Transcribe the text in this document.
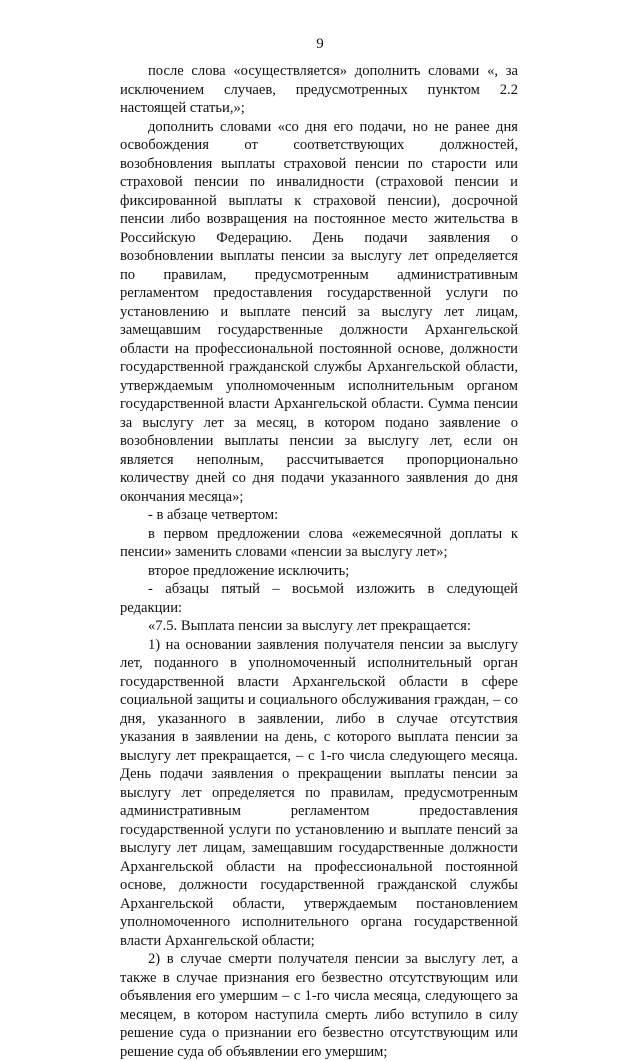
9

после слова «осуществляется» дополнить словами «, за исключением случаев, предусмотренных пунктом 2.2 настоящей статьи,»;

дополнить словами «со дня его подачи, но не ранее дня освобождения от соответствующих должностей, возобновления выплаты страховой пенсии по старости или страховой пенсии по инвалидности (страховой пенсии и фиксированной выплаты к страховой пенсии), досрочной пенсии либо возвращения на постоянное место жительства в Российскую Федерацию. День подачи заявления о возобновлении выплаты пенсии за выслугу лет определяется по правилам, предусмотренным административным регламентом предоставления государственной услуги по установлению и выплате пенсий за выслугу лет лицам, замещавшим государственные должности Архангельской области на профессиональной постоянной основе, должности государственной гражданской службы Архангельской области, утверждаемым уполномоченным исполнительным органом государственной власти Архангельской области. Сумма пенсии за выслугу лет за месяц, в котором подано заявление о возобновлении выплаты пенсии за выслугу лет, если он является неполным, рассчитывается пропорционально количеству дней со дня подачи указанного заявления до дня окончания месяца»;

- в абзаце четвертом:

в первом предложении слова «ежемесячной доплаты к пенсии» заменить словами «пенсии за выслугу лет»;

второе предложение исключить;

- абзацы пятый – восьмой изложить в следующей редакции:

«7.5. Выплата пенсии за выслугу лет прекращается:

1) на основании заявления получателя пенсии за выслугу лет, поданного в уполномоченный исполнительный орган государственной власти Архангельской области в сфере социальной защиты и социального обслуживания граждан, – со дня, указанного в заявлении, либо в случае отсутствия указания в заявлении на день, с которого выплата пенсии за выслугу лет прекращается, – с 1-го числа следующего месяца. День подачи заявления о прекращении выплаты пенсии за выслугу лет определяется по правилам, предусмотренным административным регламентом предоставления государственной услуги по установлению и выплате пенсий за выслугу лет лицам, замещавшим государственные должности Архангельской области на профессиональной постоянной основе, должности государственной гражданской службы Архангельской области, утверждаемым постановлением уполномоченного исполнительного органа государственной власти Архангельской области;

2) в случае смерти получателя пенсии за выслугу лет, а также в случае признания его безвестно отсутствующим или объявления его умершим – с 1-го числа месяца, следующего за месяцем, в котором наступила смерть либо вступило в силу решение суда о признании его безвестно отсутствующим или решение суда об объявлении его умершим;
